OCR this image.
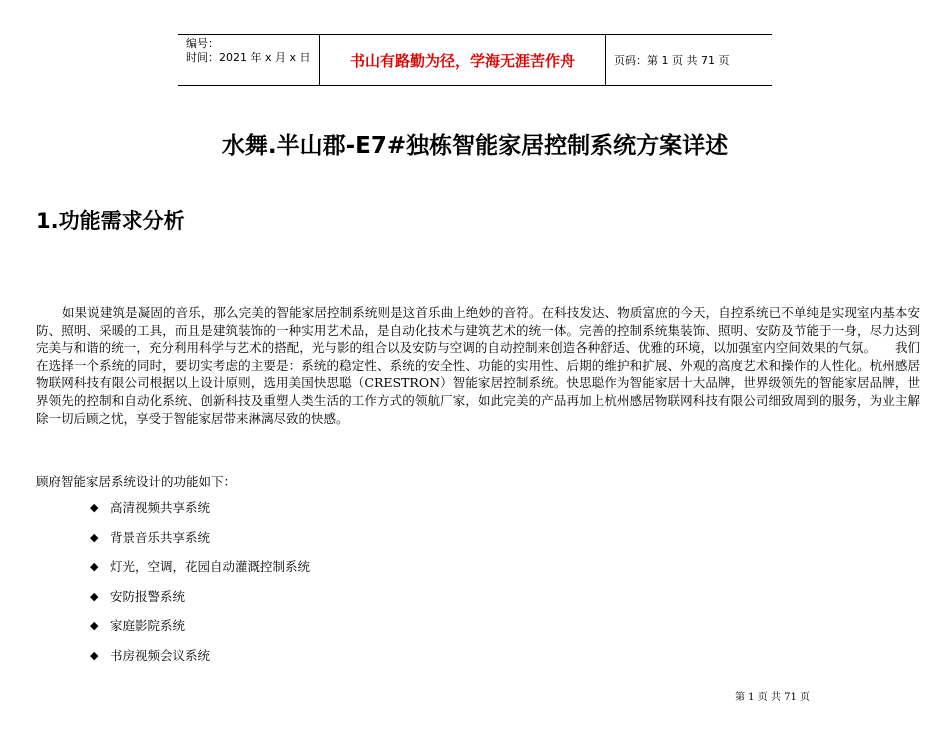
编号：
时间：2021 年 x 月 x 日	书山有路勤为径，学海无涯苦作舟	页码：第 1 页 共 71 页
水舞.半山郡-E7#独栋智能家居控制系统方案详述
1.功能需求分析

如果说建筑是凝固的音乐，那么完美的智能家居控制系统则是这首乐曲上绝妙的音符。在科技发达、物质富庶的今天，自控系统已不单纯是实现室内基本安防、照明、采暖的工具，而且是建筑装饰的一种实用艺术品，是自动化技术与建筑艺术的统一体。完善的控制系统集装饰、照明、安防及节能于一身，尽力达到完美与和谐的统一，充分利用科学与艺术的搭配，光与影的组合以及安防与空调的自动控制来创造各种舒适、优雅的环境，以加强室内空间效果的气氛。　　我们在选择一个系统的同时，要切实考虑的主要是：系统的稳定性、系统的安全性、功能的实用性、后期的维护和扩展、外观的高度艺术和操作的人性化。杭州感居物联网科技有限公司根据以上设计原则，选用美国快思聪（CRESTRON）智能家居控制系统。快思聪作为智能家居十大品牌，世界级领先的智能家居品牌，世界领先的控制和自动化系统、创新科技及重塑人类生活的工作方式的领航厂家，如此完美的产品再加上杭州感居物联网科技有限公司细致周到的服务，为业主解除一切后顾之忧，享受于智能家居带来淋漓尽致的快感。

顾府智能家居系统设计的功能如下：

◆ 高清视频共享系统
◆ 背景音乐共享系统
◆ 灯光，空调，花园自动灌溉控制系统
◆ 安防报警系统
◆ 家庭影院系统
◆ 书房视频会议系统

第 1 页 共 71 页
